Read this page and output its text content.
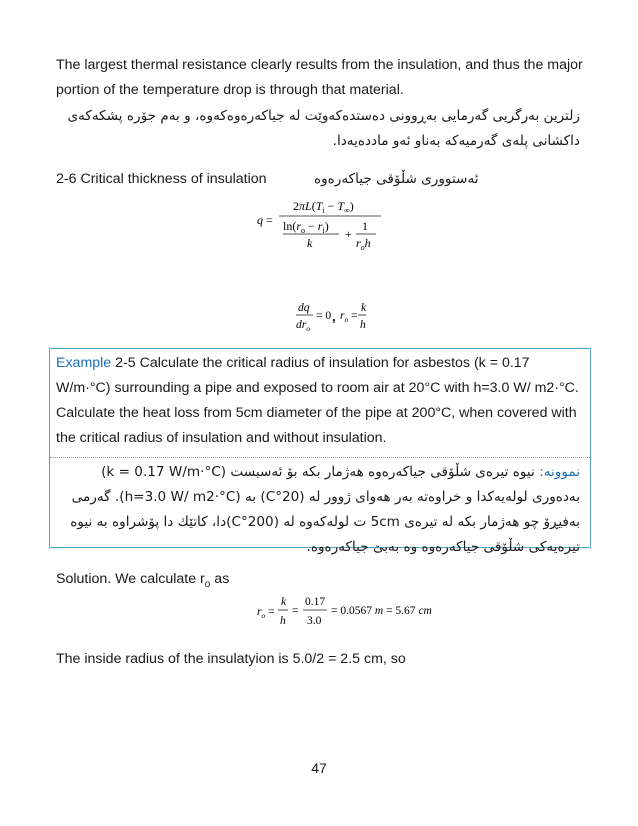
The largest thermal resistance clearly results from the insulation, and thus the major portion of the temperature drop is through that material.
زلترین بەرگریی گەرمایی بەڕوونی دەستدەکەوێت لە جیاکەرەوەکەوە، و بەم جۆرە پشکەکەی داکشانی پلەی گەرمیەکە بەناو ئەو ماددەیەدا.
2-6 Critical thickness of insulation	ئەستووری شڵۆقی جیاکەرەوە
q =
$2\pi L(T_i - T_\infty)$
$\ln(r_o - r_i)$
k
+
1
$r_oh$
dq
$dr_o$
= 0 , $r_o$ =
k
h
Example 2-5 Calculate the critical radius of insulation for asbestos (k = 0.17 W/m·°C) surrounding a pipe and exposed to room air at 20°C with h=3.0 W/ m2·°C. Calculate the heat loss from 5cm diameter of the pipe at 200°C, when covered with the critical radius of insulation and without insulation.
نموونە: نیوە تیرەی شڵۆقی جیاکەرەوە هەژمار بکە بۆ ئەسبست (k = 0.17 W/m·°C) بەدەوری لولەیەکدا و خراوەتە بەر هەوای ژوور لە (20°C) بە (h=3.0 W/ m2·°C). گەرمی بەفیڕۆ چو هەژمار بکە لە تیرەی 5cm ت لولەکەوە لە (200°C)دا، کاتێك دا پۆشراوە بە نیوە تیرەیەکی شڵۆقی جیاکەرەوە وە بەبێ جیاکەرەوە.
Solution. We calculate $r_o$ as
$r_o$ =
k
h
=
0.17
3.0
= 0.0567 m = 5.67 cm
The inside radius of the insulatyion is 5.0/2 = 2.5 cm, so
47
